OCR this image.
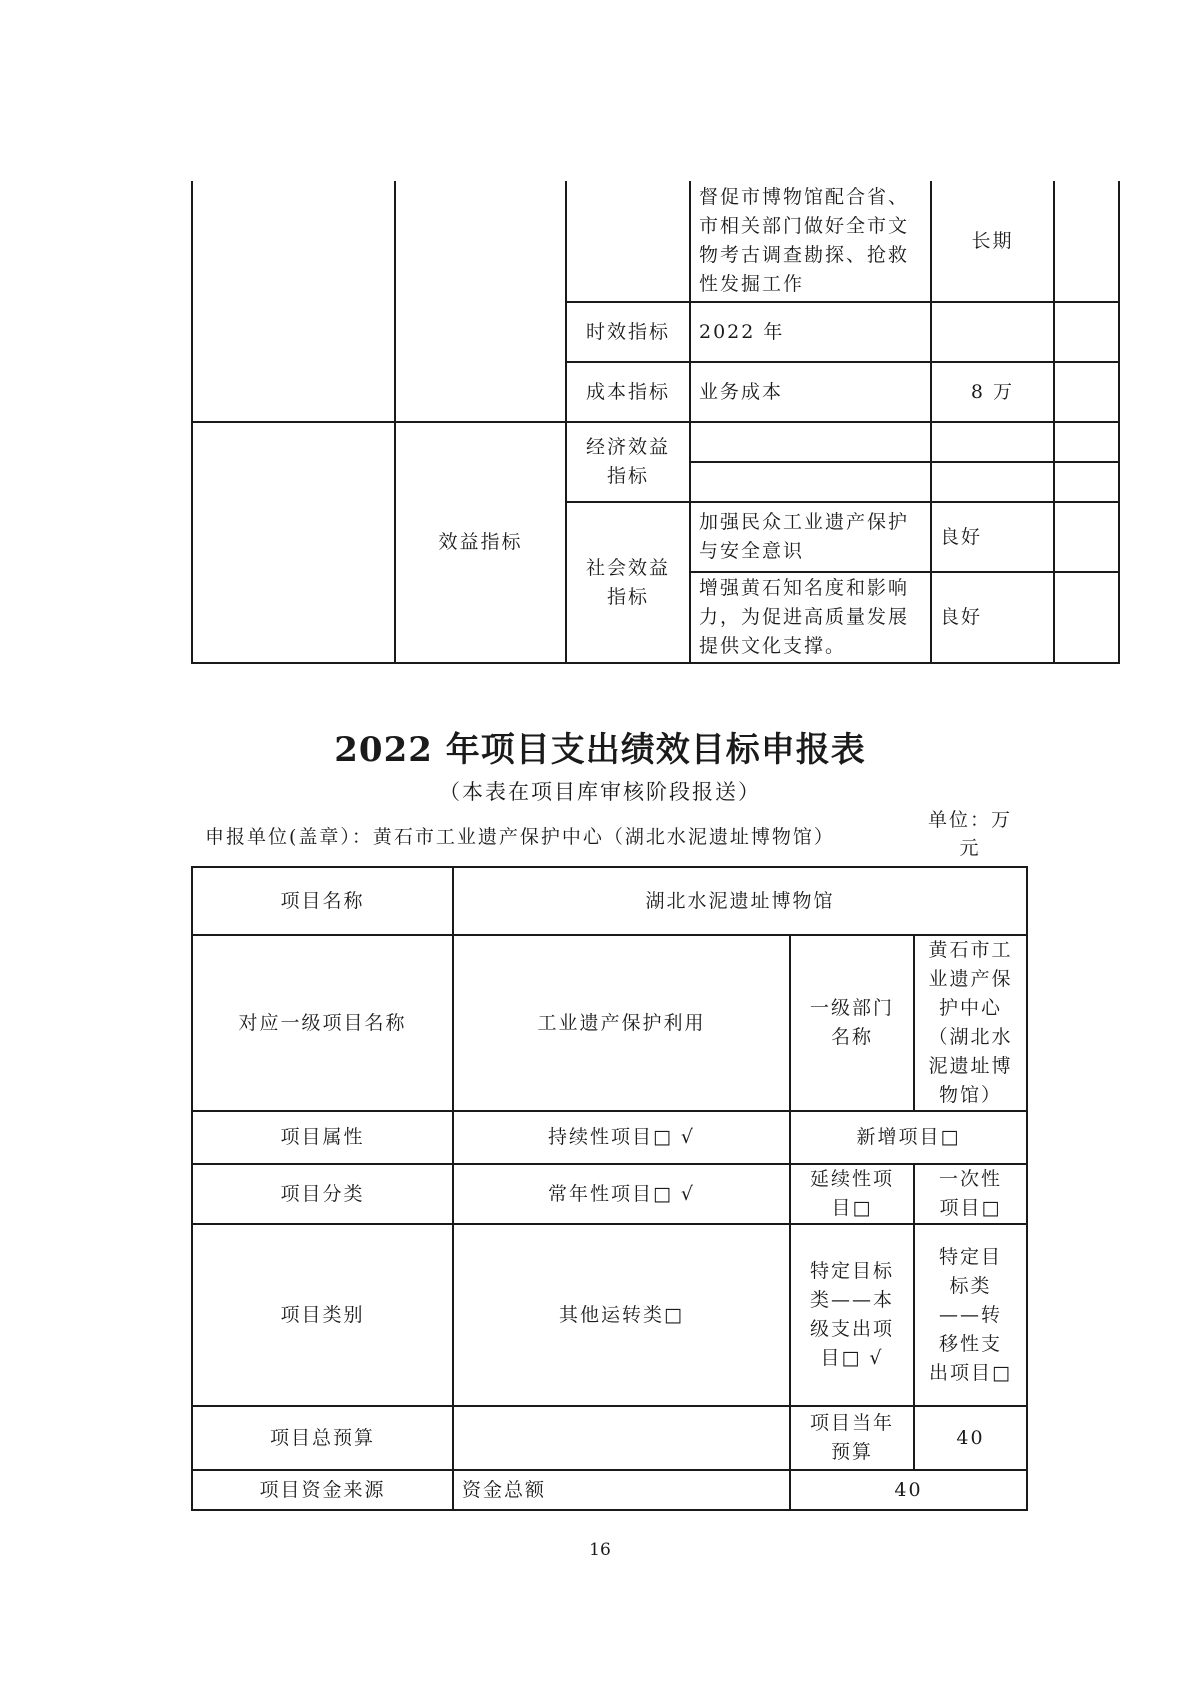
			督促市博物馆配合省、市相关部门做好全市文物考古调查勘探、抢救性发掘工作	长期	
		时效指标	2022 年		
		成本指标	业务成本	8 万	
	效益指标	经济效益指标			

		社会效益指标	加强民众工业遗产保护与安全意识	良好	
			增强黄石知名度和影响力，为促进高质量发展提供文化支撑。	良好	
2022 年项目支出绩效目标申报表
（本表在项目库审核阶段报送）
申报单位(盖章）：黄石市工业遗产保护中心（湖北水泥遗址博物馆）
单位：万元
项目名称	湖北水泥遗址博物馆		
对应一级项目名称	工业遗产保护利用	一级部门名称	黄石市工业遗产保护中心（湖北水泥遗址博物馆）
项目属性	持续性项目□ √	新增项目□	
项目分类	常年性项目□ √	延续性项目□	一次性项目□
项目类别	其他运转类□	特定目标类——本级支出项目□ √	特定目标类——转移性支出项目□
项目总预算		项目当年预算	40
项目资金来源	资金总额	40	
16
